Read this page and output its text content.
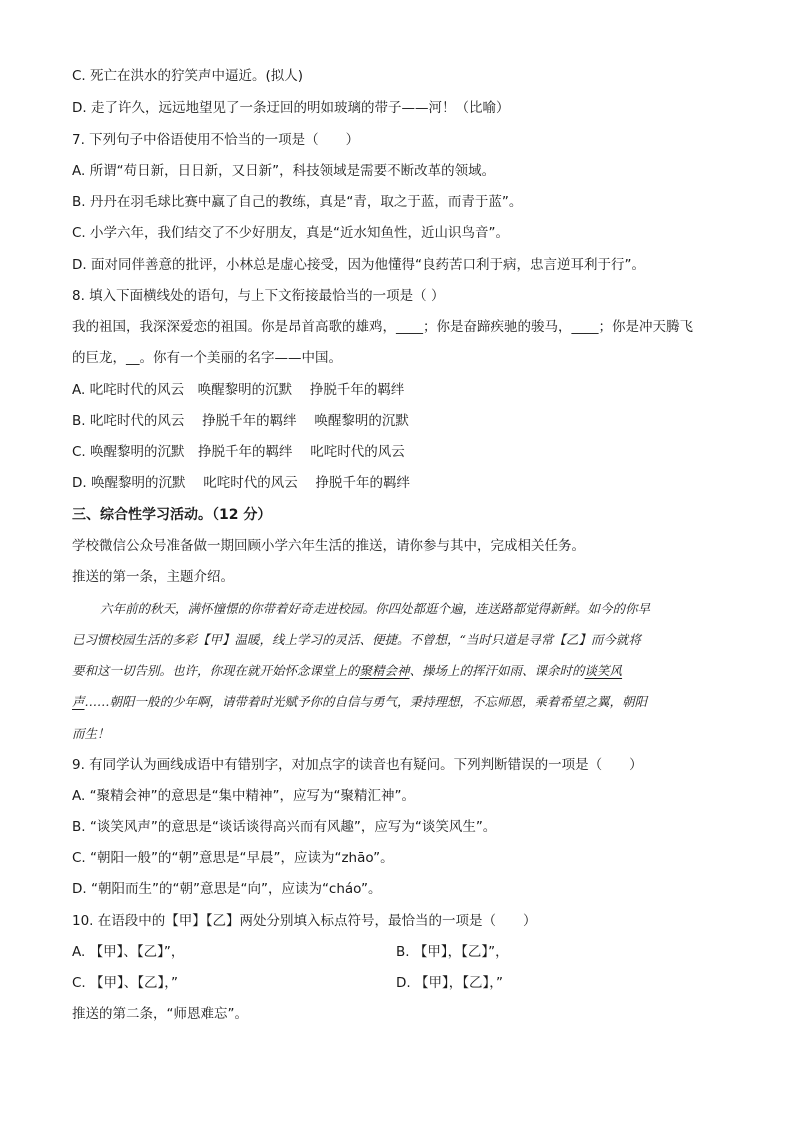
C. 死亡在洪水的狞笑声中逼近。(拟人)
D. 走了许久，远远地望见了一条迂回的明如玻璃的带子——河！（比喻）
7. 下列句子中俗语使用不恰当的一项是（　　）
A. 所谓“苟日新，日日新，又日新”，科技领域是需要不断改革的领域。
B. 丹丹在羽毛球比赛中赢了自己的教练，真是“青，取之于蓝，而青于蓝”。
C. 小学六年，我们结交了不少好朋友，真是“近水知鱼性，近山识鸟音”。
D. 面对同伴善意的批评，小林总是虚心接受，因为他懂得“良药苦口利于病，忠言逆耳利于行”。
8. 填入下面横线处的语句，与上下文衔接最恰当的一项是（ ）
我的祖国，我深深爱恋的祖国。你是昂首高歌的雄鸡，____；你是奋蹄疾驰的骏马，____；你是冲天腾飞
的巨龙，__。你有一个美丽的名字——中国。
A. 叱咤时代的风云　唤醒黎明的沉默　 挣脱千年的羁绊
B. 叱咤时代的风云　 挣脱千年的羁绊　 唤醒黎明的沉默
C. 唤醒黎明的沉默　挣脱千年的羁绊　 叱咤时代的风云
D. 唤醒黎明的沉默　 叱咤时代的风云　 挣脱千年的羁绊
三、综合性学习活动。（12 分）
学校微信公众号准备做一期回顾小学六年生活的推送，请你参与其中，完成相关任务。
推送的第一条，主题介绍。
六年前的秋天，满怀憧憬的你带着好奇走进校园。你四处都逛个遍，连送路都觉得新鲜。如今的你早
已习惯校园生活的多彩【甲】温暖，线上学习的灵活、便捷。不曾想，“当时只道是寻常【乙】而今就将
要和这一切告别。也许，你现在就开始怀念课堂上的聚精会神、操场上的挥汗如雨、课余时的谈笑风
声……朝阳一般的少年啊，请带着时光赋予你的自信与勇气，秉持理想，不忘师恩，乘着希望之翼，朝阳
而生！
9. 有同学认为画线成语中有错别字，对加点字的读音也有疑问。下列判断错误的一项是（　　）
A. “聚精会神”的意思是“集中精神”，应写为“聚精汇神”。
B. “谈笑风声”的意思是“谈话谈得高兴而有风趣”，应写为“谈笑风生”。
C. “朝阳一般”的“朝”意思是“早晨”，应读为“zhāo”。
D. “朝阳而生”的“朝”意思是“向”，应读为“cháo”。
10. 在语段中的【甲】【乙】两处分别填入标点符号，最恰当的一项是（　　）
A. 【甲】、【乙】”，	B. 【甲】，【乙】”，
C. 【甲】、【乙】，”	D. 【甲】，【乙】，”
推送的第二条，“师恩难忘”。
